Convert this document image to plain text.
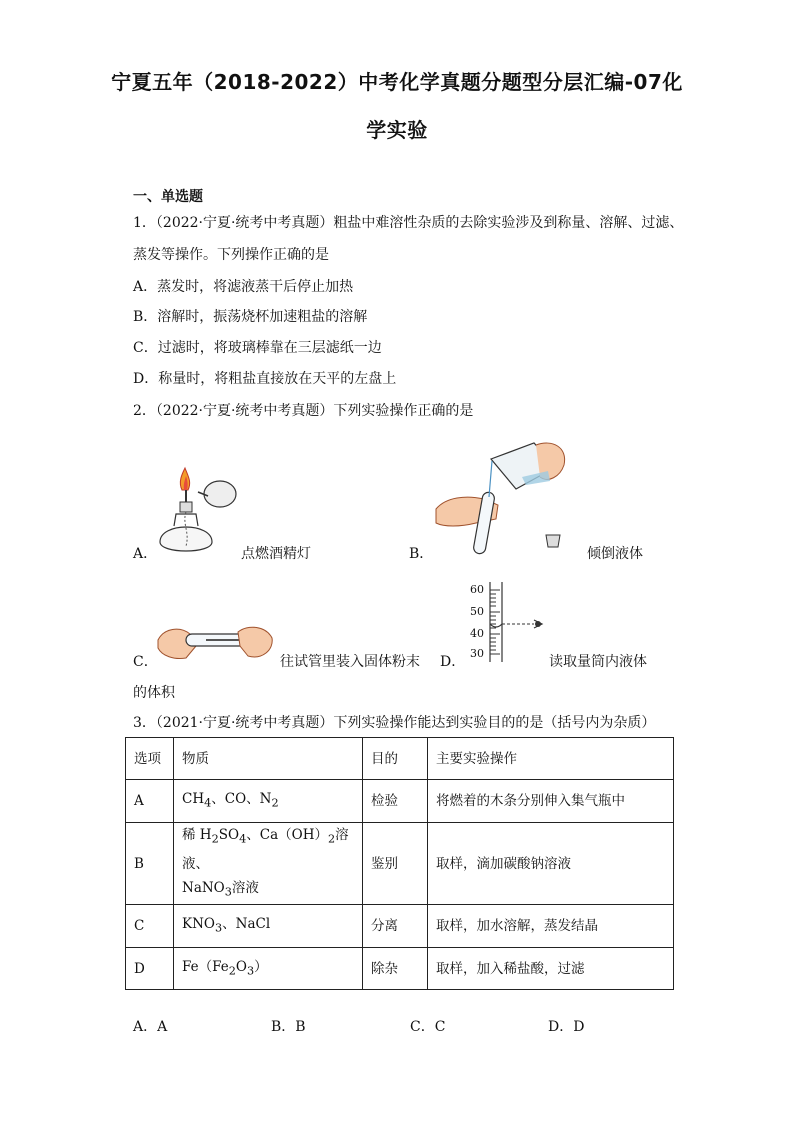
宁夏五年（2018-2022）中考化学真题分题型分层汇编-07化
学实验
一、单选题
1．（2022·宁夏·统考中考真题）粗盐中难溶性杂质的去除实验涉及到称量、溶解、过滤、
蒸发等操作。下列操作正确的是
A．蒸发时，将滤液蒸干后停止加热
B．溶解时，振荡烧杯加速粗盐的溶解
C．过滤时，将玻璃棒靠在三层滤纸一边
D．称量时，将粗盐直接放在天平的左盘上
2．（2022·宁夏·统考中考真题）下列实验操作正确的是
A．	点燃酒精灯	B．	倾倒液体
C．	往试管里装入固体粉末 D．
60
50
40
30
读取量筒内液体
的体积
3．（2021·宁夏·统考中考真题）下列实验操作能达到实验目的的是（括号内为杂质）
选项	物质	目的	主要实验操作
A	$CH_4$、CO、$N_2$	检验	将燃着的木条分别伸入集气瓶中
B	稀 $H_2SO_4$、$Ca(OH)_2$溶液、
NaNO$_3$溶液	鉴别	取样，滴加碳酸钠溶液
C	$KNO_3$、NaCl	分离	取样，加水溶解，蒸发结晶
D	$Fe(Fe_2O_3)$	除杂	取样，加入稀盐酸，过滤
A．A	B．B	C．C	D．D
